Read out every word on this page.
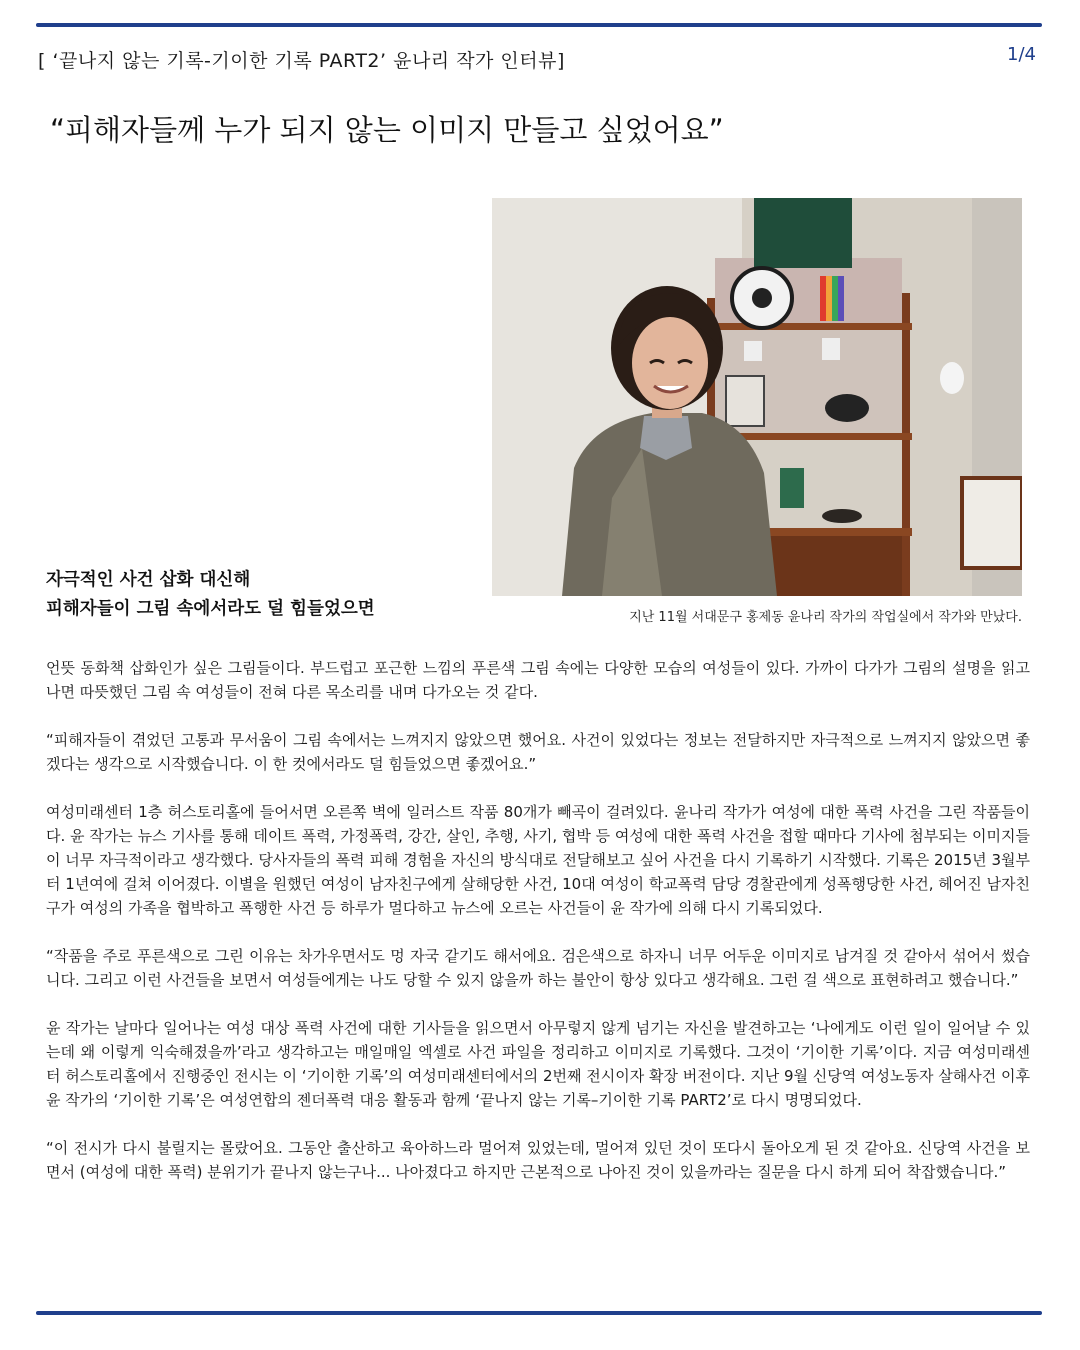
[ ‘끝나지 않는 기록-기이한 기록 PART2’ 윤나리 작가 인터뷰]	1/4
“피해자들께 누가 되지 않는 이미지 만들고 싶었어요”
지난 11월 서대문구 홍제동 윤나리 작가의 작업실에서 작가와 만났다.
자극적인 사건 삽화 대신해
피해자들이 그림 속에서라도 덜 힘들었으면

언뜻 동화책 삽화인가 싶은 그림들이다. 부드럽고 포근한 느낌의 푸른색 그림 속에는 다양한 모습의 여성들이 있다. 가까이 다가가 그림의 설명을 읽고 나면 따뜻했던 그림 속 여성들이 전혀 다른 목소리를 내며 다가오는 것 같다.

“피해자들이 겪었던 고통과 무서움이 그림 속에서는 느껴지지 않았으면 했어요. 사건이 있었다는 정보는 전달하지만 자극적으로 느껴지지 않았으면 좋겠다는 생각으로 시작했습니다. 이 한 컷에서라도 덜 힘들었으면 좋겠어요.”

여성미래센터 1층 허스토리홀에 들어서면 오른쪽 벽에 일러스트 작품 80개가 빼곡이 걸려있다. 윤나리 작가가 여성에 대한 폭력 사건을 그린 작품들이다. 윤 작가는 뉴스 기사를 통해 데이트 폭력, 가정폭력, 강간, 살인, 추행, 사기, 협박 등 여성에 대한 폭력 사건을 접할 때마다 기사에 첨부되는 이미지들이 너무 자극적이라고 생각했다. 당사자들의 폭력 피해 경험을 자신의 방식대로 전달해보고 싶어 사건을 다시 기록하기 시작했다. 기록은 2015년 3월부터 1년여에 걸쳐 이어졌다. 이별을 원했던 여성이 남자친구에게 살해당한 사건, 10대 여성이 학교폭력 담당 경찰관에게 성폭행당한 사건, 헤어진 남자친구가 여성의 가족을 협박하고 폭행한 사건 등 하루가 멀다하고 뉴스에 오르는 사건들이 윤 작가에 의해 다시 기록되었다.

“작품을 주로 푸른색으로 그린 이유는 차가우면서도 멍 자국 같기도 해서에요. 검은색으로 하자니 너무 어두운 이미지로 남겨질 것 같아서 섞어서 썼습니다. 그리고 이런 사건들을 보면서 여성들에게는 나도 당할 수 있지 않을까 하는 불안이 항상 있다고 생각해요. 그런 걸 색으로 표현하려고 했습니다.”

윤 작가는 날마다 일어나는 여성 대상 폭력 사건에 대한 기사들을 읽으면서 아무렇지 않게 넘기는 자신을 발견하고는 ‘나에게도 이런 일이 일어날 수 있는데 왜 이렇게 익숙해졌을까’라고 생각하고는 매일매일 엑셀로 사건 파일을 정리하고 이미지로 기록했다. 그것이 ‘기이한 기록’이다. 지금 여성미래센터 허스토리홀에서 진행중인 전시는 이 ‘기이한 기록’의 여성미래센터에서의 2번째 전시이자 확장 버전이다. 지난 9월 신당역 여성노동자 살해사건 이후 윤 작가의 ‘기이한 기록’은 여성연합의 젠더폭력 대응 활동과 함께 ‘끝나지 않는 기록–기이한 기록 PART2’로 다시 명명되었다.

“이 전시가 다시 불릴지는 몰랐어요. 그동안 출산하고 육아하느라 멀어져 있었는데, 멀어져 있던 것이 또다시 돌아오게 된 것 같아요. 신당역 사건을 보면서 (여성에 대한 폭력) 분위기가 끝나지 않는구나... 나아졌다고 하지만 근본적으로 나아진 것이 있을까라는 질문을 다시 하게 되어 착잡했습니다.”
